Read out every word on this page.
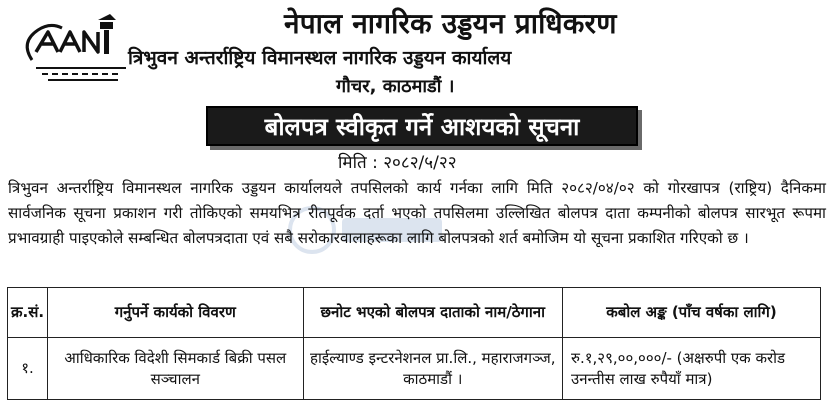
नेपाल नागरिक उड्डयन प्राधिकरण
त्रिभुवन अन्तर्राष्ट्रिय विमानस्थल नागरिक उड्डयन कार्यालय
गौचर, काठमाडौं ।
बोलपत्र स्वीकृत गर्ने आशयको सूचना
मिति : २०८२/५/२२

त्रिभुवन अन्तर्राष्ट्रिय विमानस्थल नागरिक उड्डयन कार्यालयले तपसिलको कार्य गर्नका लागि मिति २०८२/०४/०२ को गोरखापत्र (राष्ट्रिय) दैनिकमा सार्वजनिक सूचना प्रकाशन गरी तोकिएको समयभित्र रीतपूर्वक दर्ता भएको तपसिलमा उल्लिखित बोलपत्र दाता कम्पनीको बोलपत्र सारभूत रूपमा प्रभावग्राही पाइएकोले सम्बन्धित बोलपत्रदाता एवं सबै सरोकारवालाहरूका लागि बोलपत्रको शर्त बमोजिम यो सूचना प्रकाशित गरिएको छ ।

क्र.सं.	गर्नुपर्ने कार्यको विवरण	छनोट भएको बोलपत्र दाताको नाम/ठेगाना	कबोल अङ्क (पाँच वर्षका लागि)
१.	आधिकारिक विदेशी सिमकार्ड बिक्री पसल सञ्चालन	हाईल्याण्ड इन्टरनेशनल प्रा.लि., महाराजगञ्ज, काठमाडौं ।	रु.१,२९,००,०००/- (अक्षरुपी एक करोड उनन्तीस लाख रुपैयाँ मात्र)
